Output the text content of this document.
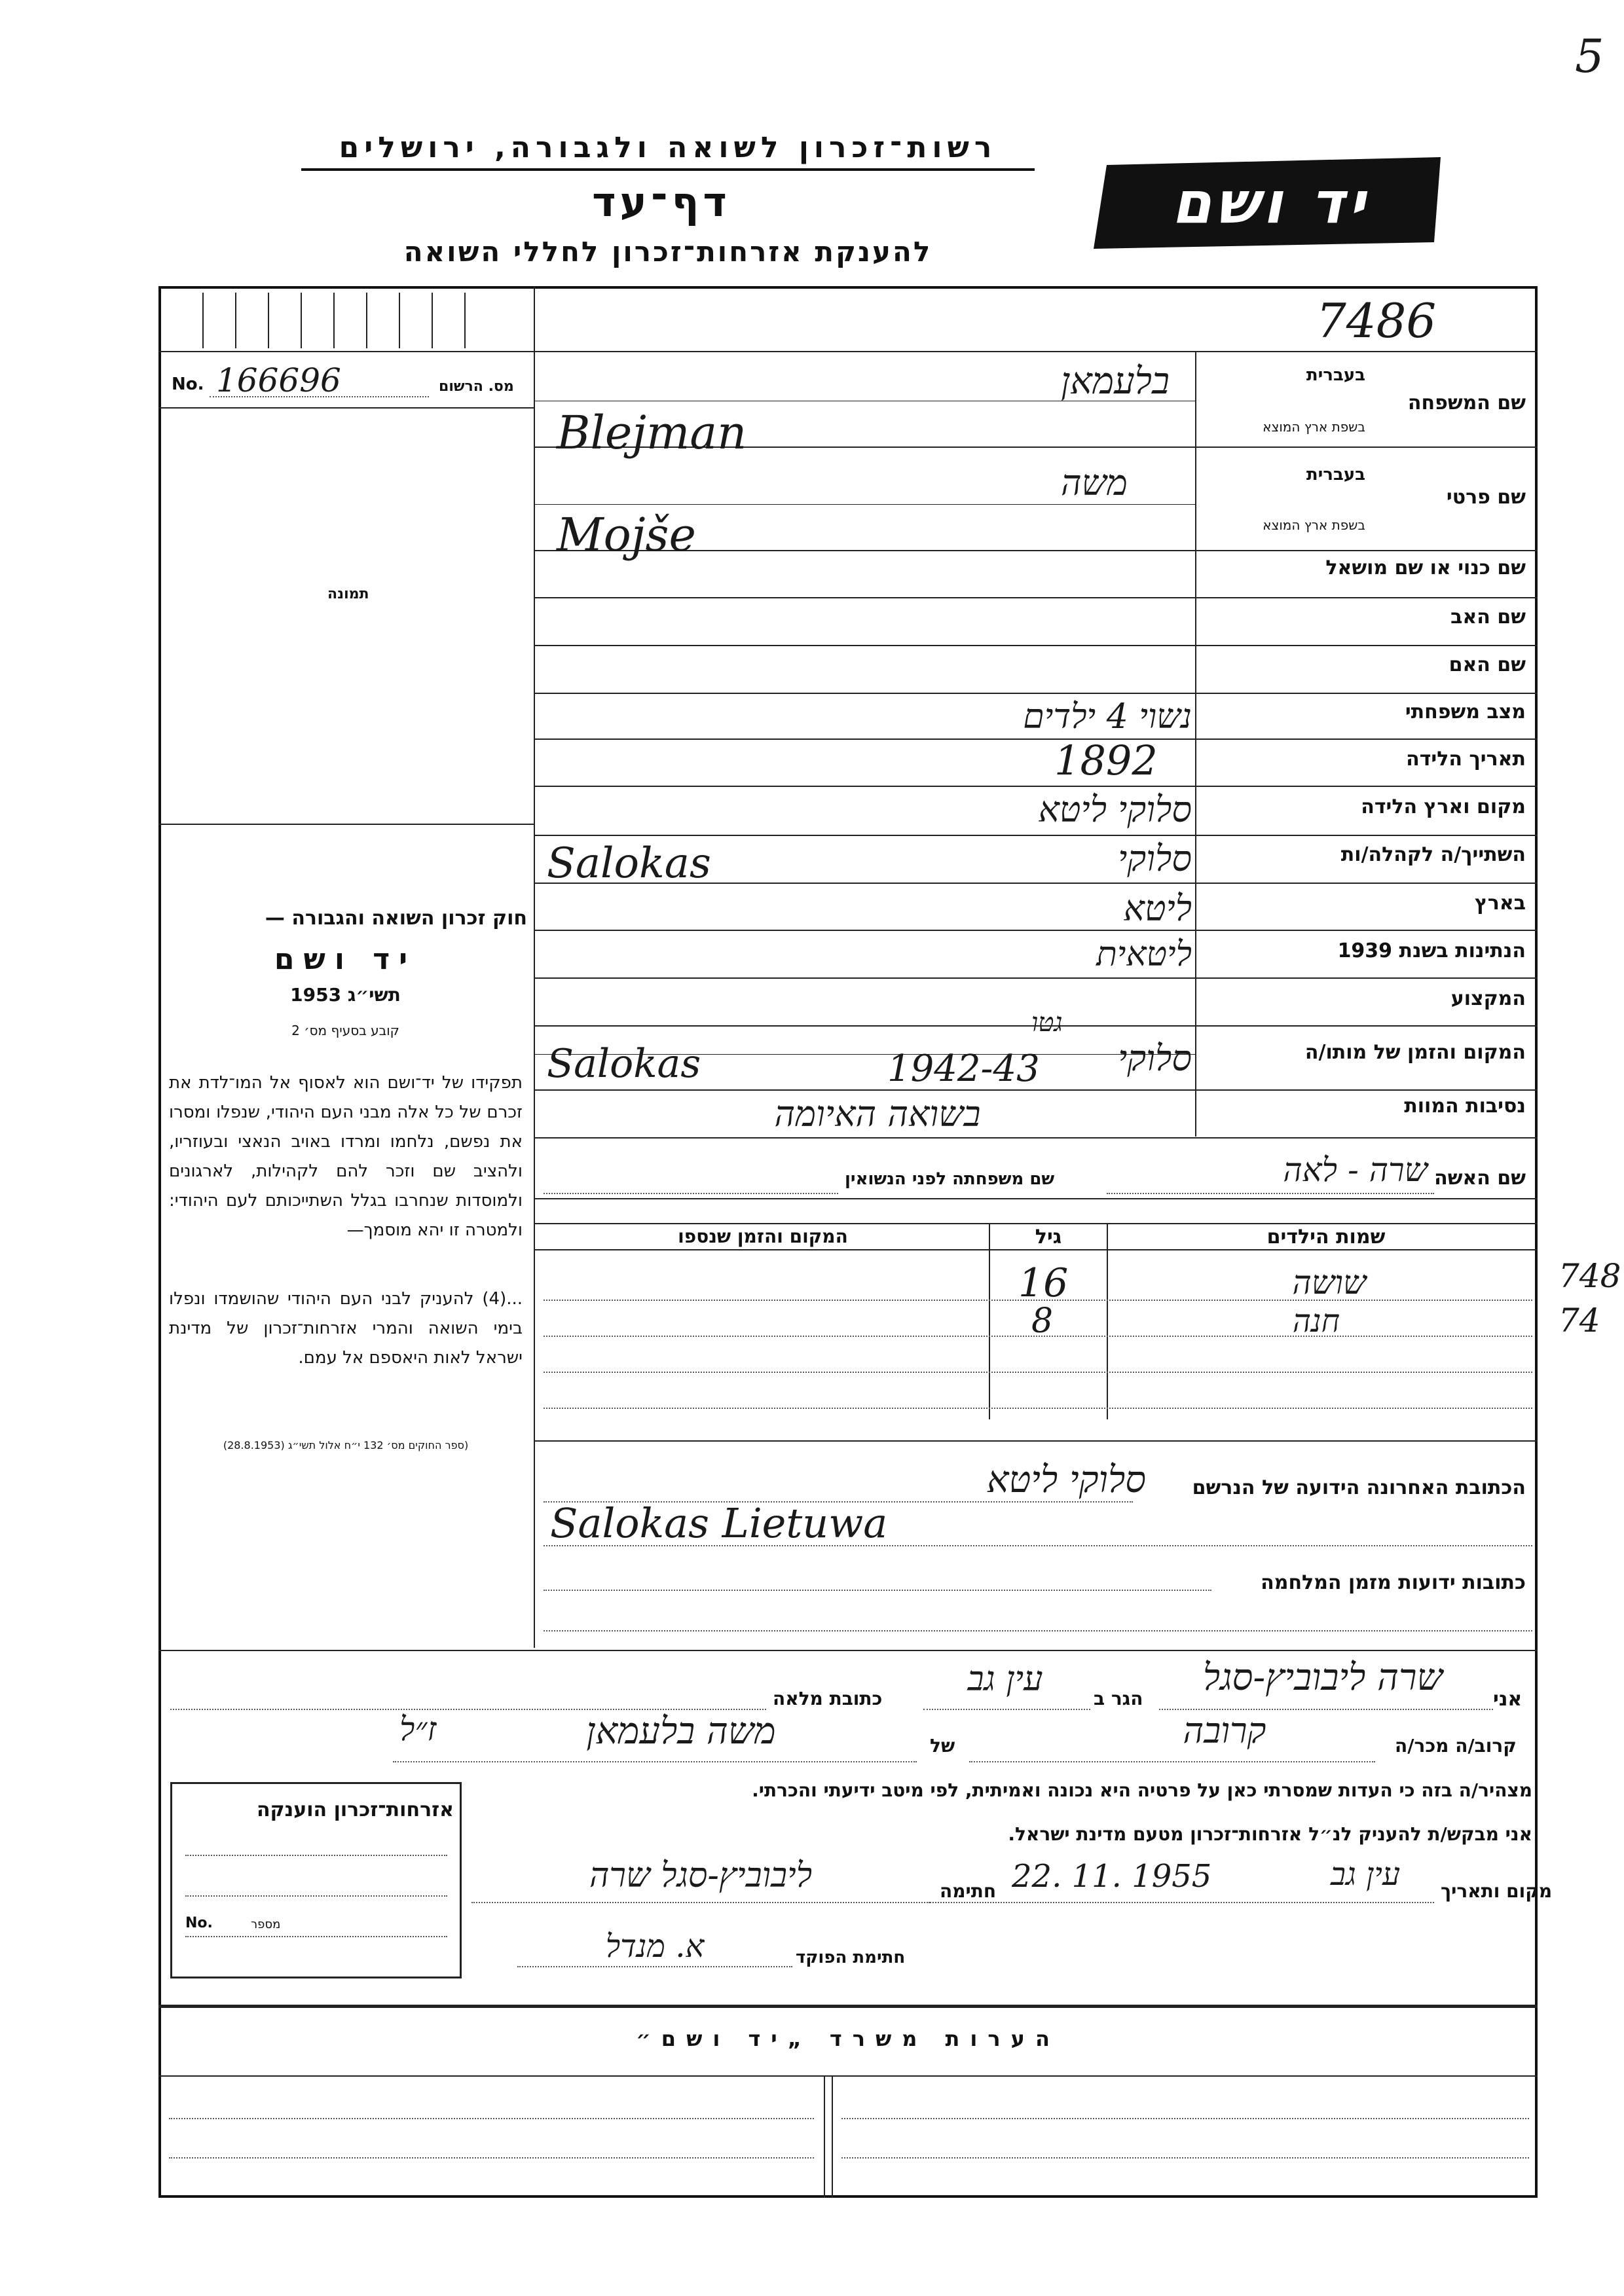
5
רשות־זכרון לשואה ולגבורה, ירושלים
דף־עד
להענקת אזרחות־זכרון לחללי השואה
יד ושם
7486
No. 166696	מס. הרשום
תמונה
חוק זכרון השואה והגבורה —
יד ושם
תשי״ג 1953
קובע בסעיף מס׳ 2
תפקידו של יד־ושם הוא לאסוף אל המו־לדת את זכרם של כל אלה מבני העם היהודי, שנפלו ומסרו את נפשם, נלחמו ומרדו באויב הנאצי ובעוזריו, ולהציב שם וזכר להם לקהילות, לארגונים ולמוסדות שנחרבו בגלל השתייכותם לעם היהודי: ולמטרה זו יהא מוסמך—
...(4) להעניק לבני העם היהודי שהושמדו ונפלו בימי השואה והמרי אזרחות־זכרון של מדינת ישראל לאות היאספם אל עמם.
(ספר החוקים מס׳ 132 י״ח אלול תשי״ג (28.8.1953)
שם המשפחה
בעברית
בשפת ארץ המוצא
שם פרטי
בעברית
בשפת ארץ המוצא
שם כנוי או שם מושאל
שם האב
שם האם
מצב משפחתי
תאריך הלידה
מקום וארץ הלידה
השתייך/ה לקהלה/ות
בארץ
הנתינות בשנת 1939
המקצוע
המקום והזמן של מותו/ה
נסיבות המוות
בלעמאן
Blejman
משה
Mojše
נשוי 4 ילדים
1892
סלוקי ליטא
סלוקי
Salokas
ליטא
ליטאית
סלוקי
גטו
1942-43
Salokas
בשואה האיומה
שם האשה
שרה - לאה
שם משפחתה לפני הנשואין
שמות הילדים
גיל
המקום והזמן שנספו
שושה
16
חנה
8
748
74
הכתובת האחרונה הידועה של הנרשם
סלוקי ליטא
Salokas Lietuwa
כתובות ידועות מזמן המלחמה
אני
שרה ליבוביץ-סגל
הגר ב
עין גב
כתובת מלאה
קרוב/ה מכר/ה
קרובה
של
משה בלעמאן
ז״ל
מצהיר/ה בזה כי העדות שמסרתי כאן על פרטיה היא נכונה ואמיתית, לפי מיטב ידיעתי והכרתי.
אני מבקש/ת להעניק לנ״ל אזרחות־זכרון מטעם מדינת ישראל.
מקום ותאריך
עין גב
22. 11. 1955
חתימה
ליבוביץ-סגל שרה
חתימת הפוקד
א. מנדל
אזרחות־זכרון הוענקה
No.	מספר
הערות משרד „יד ושם״
